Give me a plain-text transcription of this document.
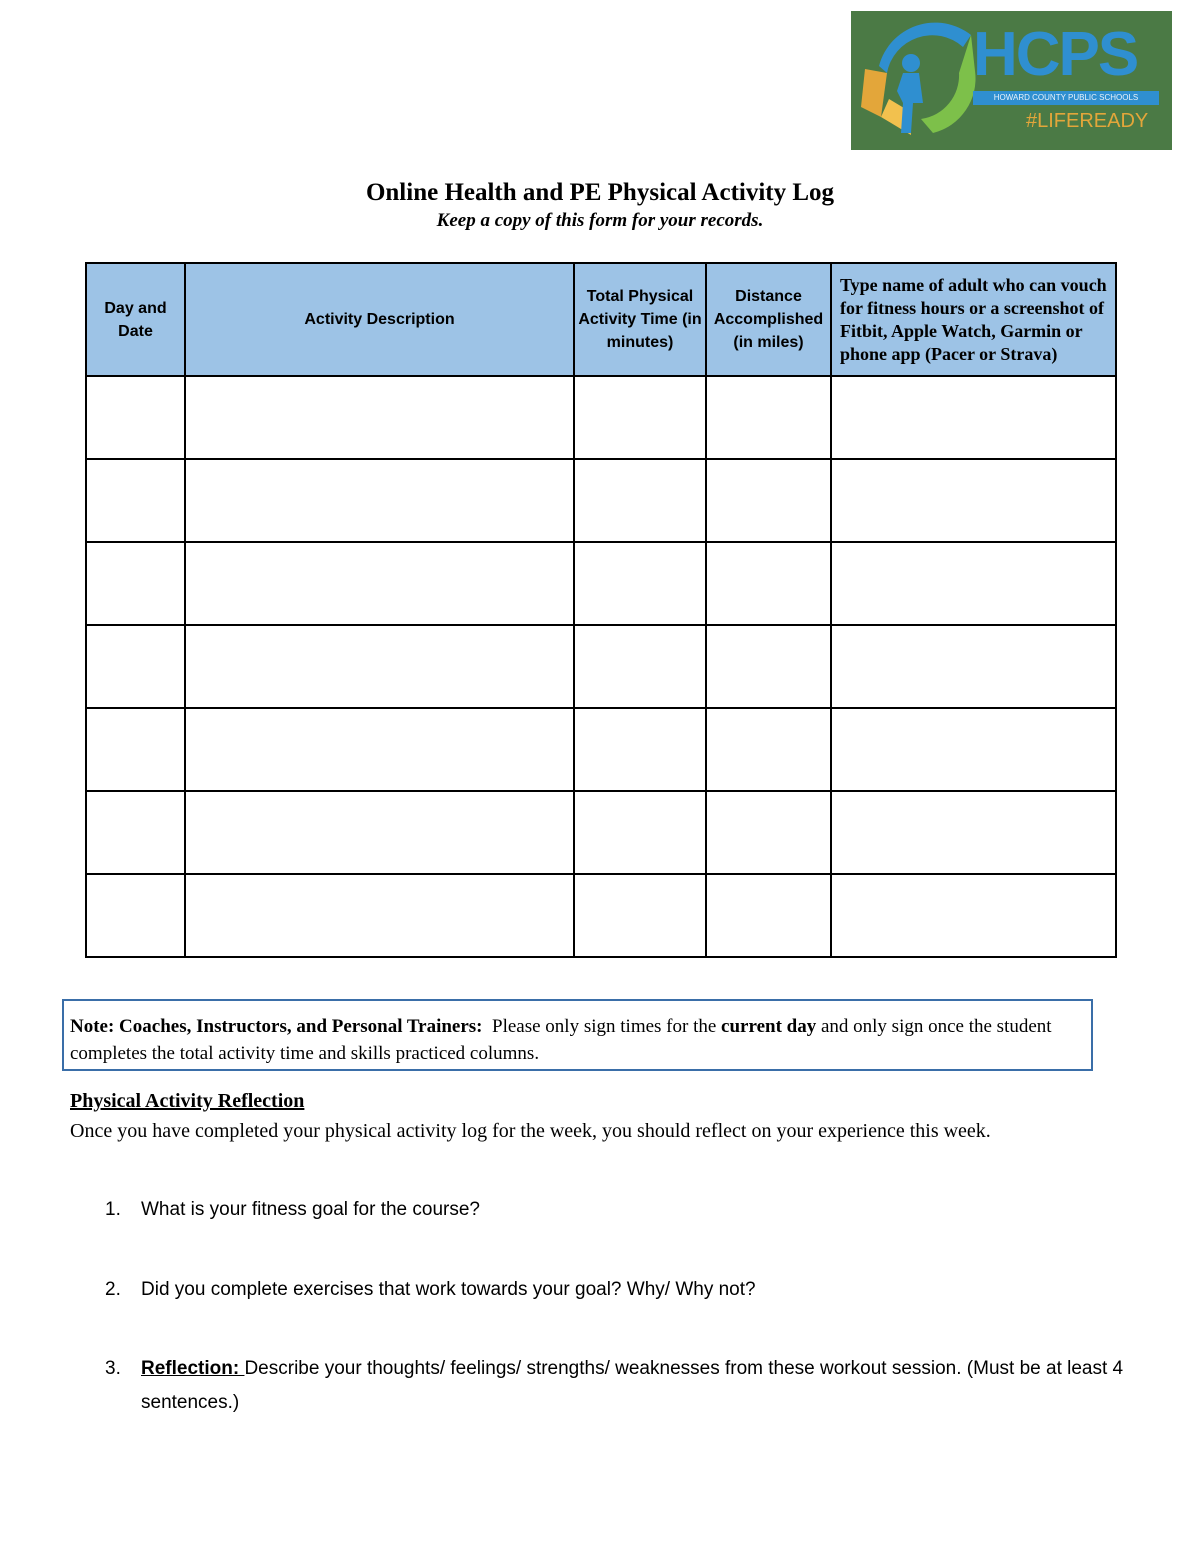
HCPS
HOWARD COUNTY PUBLIC SCHOOLS
#LIFEREADY
Online Health and PE Physical Activity Log
Keep a copy of this form for your records.
Day and Date	Activity Description	Total Physical Activity Time (in minutes)	Distance Accomplished (in miles)	Type name of adult who can vouch for fitness hours or a screenshot of Fitbit, Apple Watch, Garmin or phone app (Pacer or Strava)

Note: Coaches, Instructors, and Personal Trainers: Please only sign times for the current day and only sign once the student completes the total activity time and skills practiced columns.
Physical Activity Reflection
Once you have completed your physical activity log for the week, you should reflect on your experience this week.
1. What is your fitness goal for the course?
2. Did you complete exercises that work towards your goal? Why/ Why not?
3. Reflection: Describe your thoughts/ feelings/ strengths/ weaknesses from these workout session. (Must be at least 4 sentences.)
